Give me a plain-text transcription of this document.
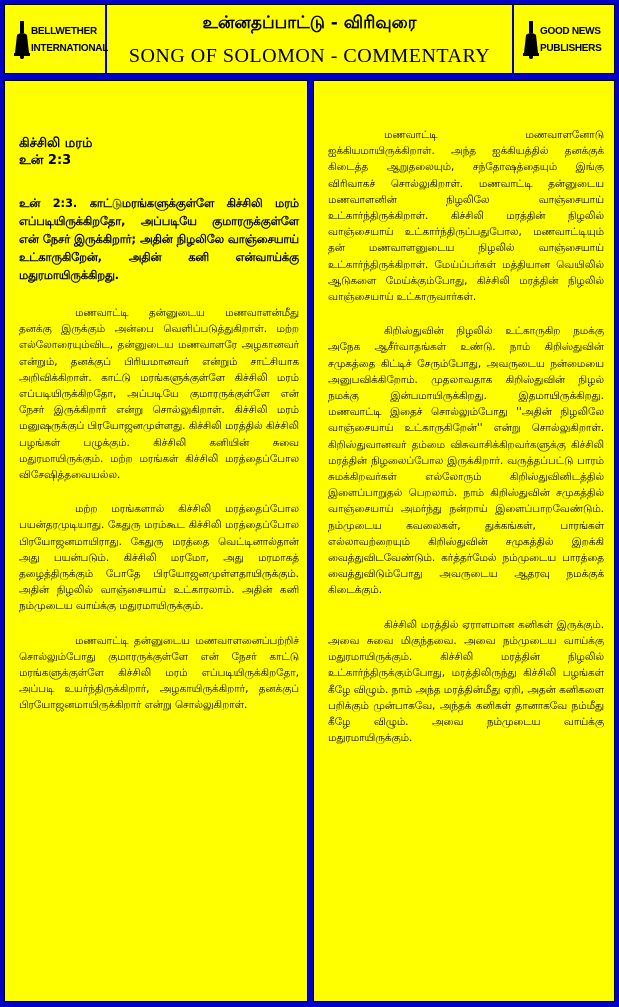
BELLWETHER
INTERNATIONAL
உன்னதப்பாட்டு - விரிவுரை
SONG OF SOLOMON - COMMENTARY
GOOD NEWS
PUBLISHERS
கிச்சிலி மரம்
உன் 2:3

உன் 2:3. காட்டுமரங்களுக்குள்ளே கிச்சிலி மரம் எப்படியிருக்கிறதோ, அப்படியே குமாரருக்குள்ளே என் நேசர் இருக்கிறார்; அதின் நிழலிலே வாஞ்சையாய் உட்காருகிறேன், அதின் கனி என்வாய்க்கு மதுரமாயிருக்கிறது.

மணவாட்டி தன்னுடைய மணவாளன்மீது தனக்கு இருக்கும் அன்பை வெளிப்படுத்துகிறாள். மற்ற எல்லோரையும்விட, தன்னுடைய மணவாளரே அழகானவர் என்றும், தனக்குப் பிரியமானவர் என்றும் சாட்சியாக அறிவிக்கிறாள். காட்டு மரங்களுக்குள்ளே கிச்சிலி மரம் எப்படியிருக்கிறதோ, அப்படியே குமாரருக்குள்ளே என் நேசர் இருக்கிறார் என்று சொல்லுகிறாள். கிச்சிலி மரம் மனுஷருக்குப் பிரயோஜனமுள்ளது. கிச்சிலி மரத்தில் கிச்சிலி பழங்கள் பழுக்கும். கிச்சிலி கனியின் சுவை மதுரமாயிருக்கும். மற்ற மரங்கள் கிச்சிலி மரத்தைப்போல விசேஷித்தவையல்ல.

மற்ற மரங்களால் கிச்சிலி மரத்தைப்போல பயன்தரமுடியாது. கேதுரு மரம்கூட கிச்சிலி மரத்தைப்போல பிரயோஜனமாயிராது. கேதுரு மரத்தை வெட்டினால்தான் அது பயன்படும். கிச்சிலி மரமோ, அது மரமாகத் தழைத்திருக்கும் போதே பிரயோஜனமுள்ளதாயிருக்கும். அதின் நிழலில் வாஞ்சையாய் உட்காரலாம். அதின் கனி நம்முடைய வாய்க்கு மதுரமாயிருக்கும்.

மணவாட்டி தன்னுடைய மணவாளனைப்பற்றிச் சொல்லும்போது குமாரருக்குள்ளே என் நேசர் காட்டு மரங்களுக்குள்ளே கிச்சிலி மரம் எப்படியிருக்கிறதோ, அப்படி உயர்ந்திருக்கிறார், அழகாயிருக்கிறார், தனக்குப் பிரயோஜனமாயிருக்கிறார் என்று சொல்லுகிறாள்.

மணவாட்டி மணவாளனோடு ஐக்கியமாயிருக்கிறாள். அந்த ஐக்கியத்தில் தனக்குக் கிடைத்த ஆறுதலையும், சந்தோஷத்தையும் இங்கு விரிவாகச் சொல்லுகிறாள். மணவாட்டி தன்னுடைய மணவாளனின் நிழலிலே வாஞ்சையாய் உட்கார்ந்திருக்கிறாள். கிச்சிலி மரத்தின் நிழலில் வாஞ்சையாய் உட்கார்ந்திருப்பதுபோல, மணவாட்டியும் தன் மணவாளனுடைய நிழலில் வாஞ்சையாய் உட்கார்ந்திருக்கிறாள். மேய்ப்பர்கள் மத்தியான வெயிலில் ஆடுகளை மேய்க்கும்போது, கிச்சிலி மரத்தின் நிழலில் வாஞ்சையாய் உட்காருவார்கள்.

கிறிஸ்துவின் நிழலில் உட்காருகிற நமக்கு அநேக ஆசீர்வாதங்கள் உண்டு. நாம் கிறிஸ்துவின் சமுகத்தை கிட்டிச் சேரும்போது, அவருடைய நன்மையை அனுபவிக்கிறோம். முதலாவதாக கிறிஸ்துவின் நிழல் நமக்கு இன்பமாயிருக்கிறது. இதமாயிருக்கிறது. மணவாட்டி இதைச் சொல்லும்போது ''அதின் நிழலிலே வாஞ்சையாய் உட்காருகிறேன்'' என்று சொல்லுகிறாள். கிறிஸ்துவானவர் தம்மை விசுவாசிக்கிறவர்களுக்கு கிச்சிலி மரத்தின் நிழலைப்போல இருக்கிறார். வருத்தப்பட்டு பாரம் சுமக்கிறவர்கள் எல்லோரும் கிறிஸ்துவினிடத்தில் இளைப்பாறுதல் பெறலாம். நாம் கிறிஸ்துவின் சமுகத்தில் வாஞ்சையாய் அமர்ந்து நன்றாய் இளைப்பாறவேண்டும். நம்முடைய கவலைகள், துக்கங்கள், பாரங்கள் எல்லாவற்றையும் கிறிஸ்துவின் சமுகத்தில் இறக்கி வைத்துவிடவேண்டும். கர்த்தர்மேல் நம்முடைய பாரத்தை வைத்துவிடும்போது அவருடைய ஆதரவு நமக்குக் கிடைக்கும்.

கிச்சிலி மரத்தில் ஏராளமான கனிகள் இருக்கும். அவை சுவை மிகுந்தவை. அவை நம்முடைய வாய்க்கு மதுரமாயிருக்கும். கிச்சிலி மரத்தின் நிழலில் உட்கார்ந்திருக்கும்போது, மரத்திலிருந்து கிச்சிலி பழங்கள் கீழே விழும். நாம் அந்த மரத்தின்மீது ஏறி, அதன் கனிகளை பறிக்கும் முன்பாகவே, அந்தக் கனிகள் தானாகவே நம்மீது கீழே விழும். அவை நம்முடைய வாய்க்கு மதுரமாயிருக்கும்.
